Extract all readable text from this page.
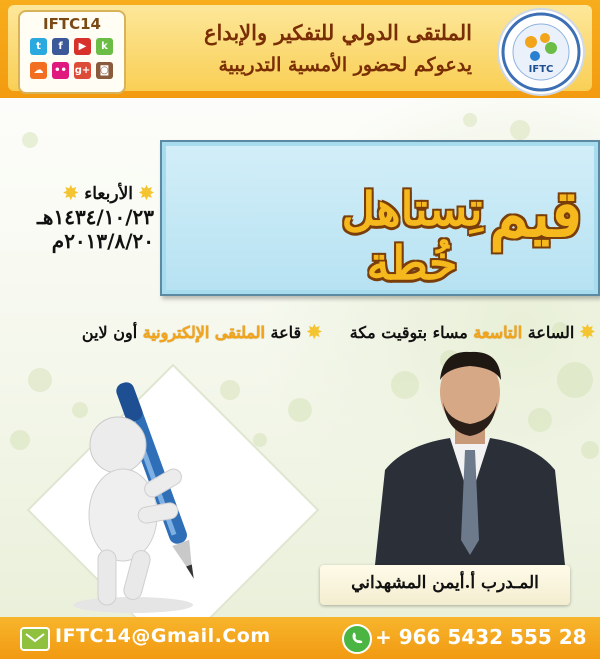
IFTC14
t	f	▶	k
☁	•• g+ ◙
الملتقى الدولي للتفكير والإبداع
يدعوكم لحضور الأمسية التدريبية	IFTC
✸ الأربعاء ✸
١٤٣٤/١٠/٢٣هـ
٢٠١٣/٨/٢٠م	قيم
تِستاهل خُطة
✸ الساعة التاسعة مساء بتوقيت مكة     ✸ قاعة الملتقى الإلكترونية أون لاين
المـدرب أ.أيمن المشهداني
IFTC14@Gmail.Com	+ 966 5432 555 28
